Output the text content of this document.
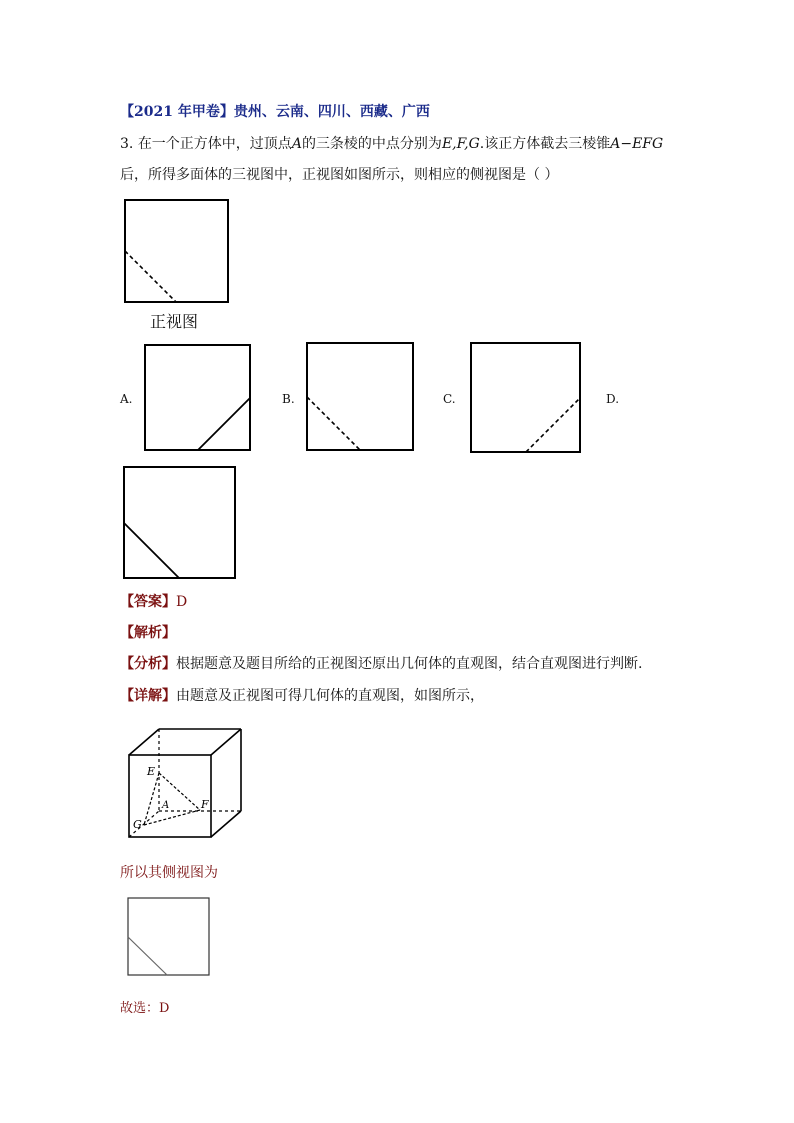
【2021 年甲卷】贵州、云南、四川、西藏、广西
3. 在一个正方体中，过顶点A的三条棱的中点分别为E,F,G.该正方体截去三棱锥A−EFG
后，所得多面体的三视图中，正视图如图所示，则相应的侧视图是（ ）
正视图
A.	B.	C.	D.
【答案】D
【解析】
【分析】根据题意及题目所给的正视图还原出几何体的直观图，结合直观图进行判断.
【详解】由题意及正视图可得几何体的直观图，如图所示，
E
A	F
G
所以其侧视图为
故选：D
